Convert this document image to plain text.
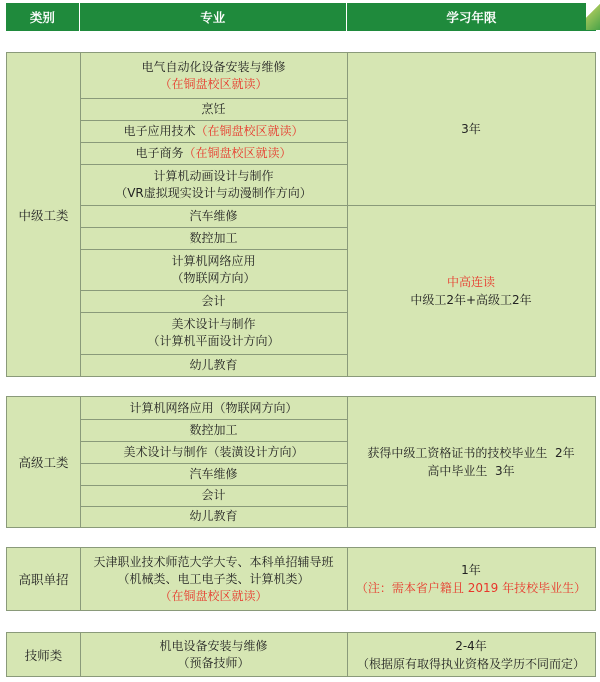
类别	专业	学习年限
中级工类
电气自动化设备安装与维修
（在铜盘校区就读）
烹饪
电子应用技术（在铜盘校区就读）
电子商务（在铜盘校区就读）
计算机动画设计与制作
（VR虚拟现实设计与动漫制作方向）
汽车维修
数控加工
计算机网络应用
（物联网方向）
会计
美术设计与制作
（计算机平面设计方向）
幼儿教育
3年
中高连读
中级工2年+高级工2年
高级工类
计算机网络应用（物联网方向）
数控加工
美术设计与制作（装潢设计方向）
汽车维修
会计
幼儿教育
获得中级工资格证书的技校毕业生  2年
高中毕业生  3年
高职单招
天津职业技术师范大学大专、本科单招辅导班
（机械类、电工电子类、计算机类）
（在铜盘校区就读）
1年
（注：需本省户籍且 2019 年技校毕业生）
技师类
机电设备安装与维修
（预备技师）
2-4年
（根据原有取得执业资格及学历不同而定）
